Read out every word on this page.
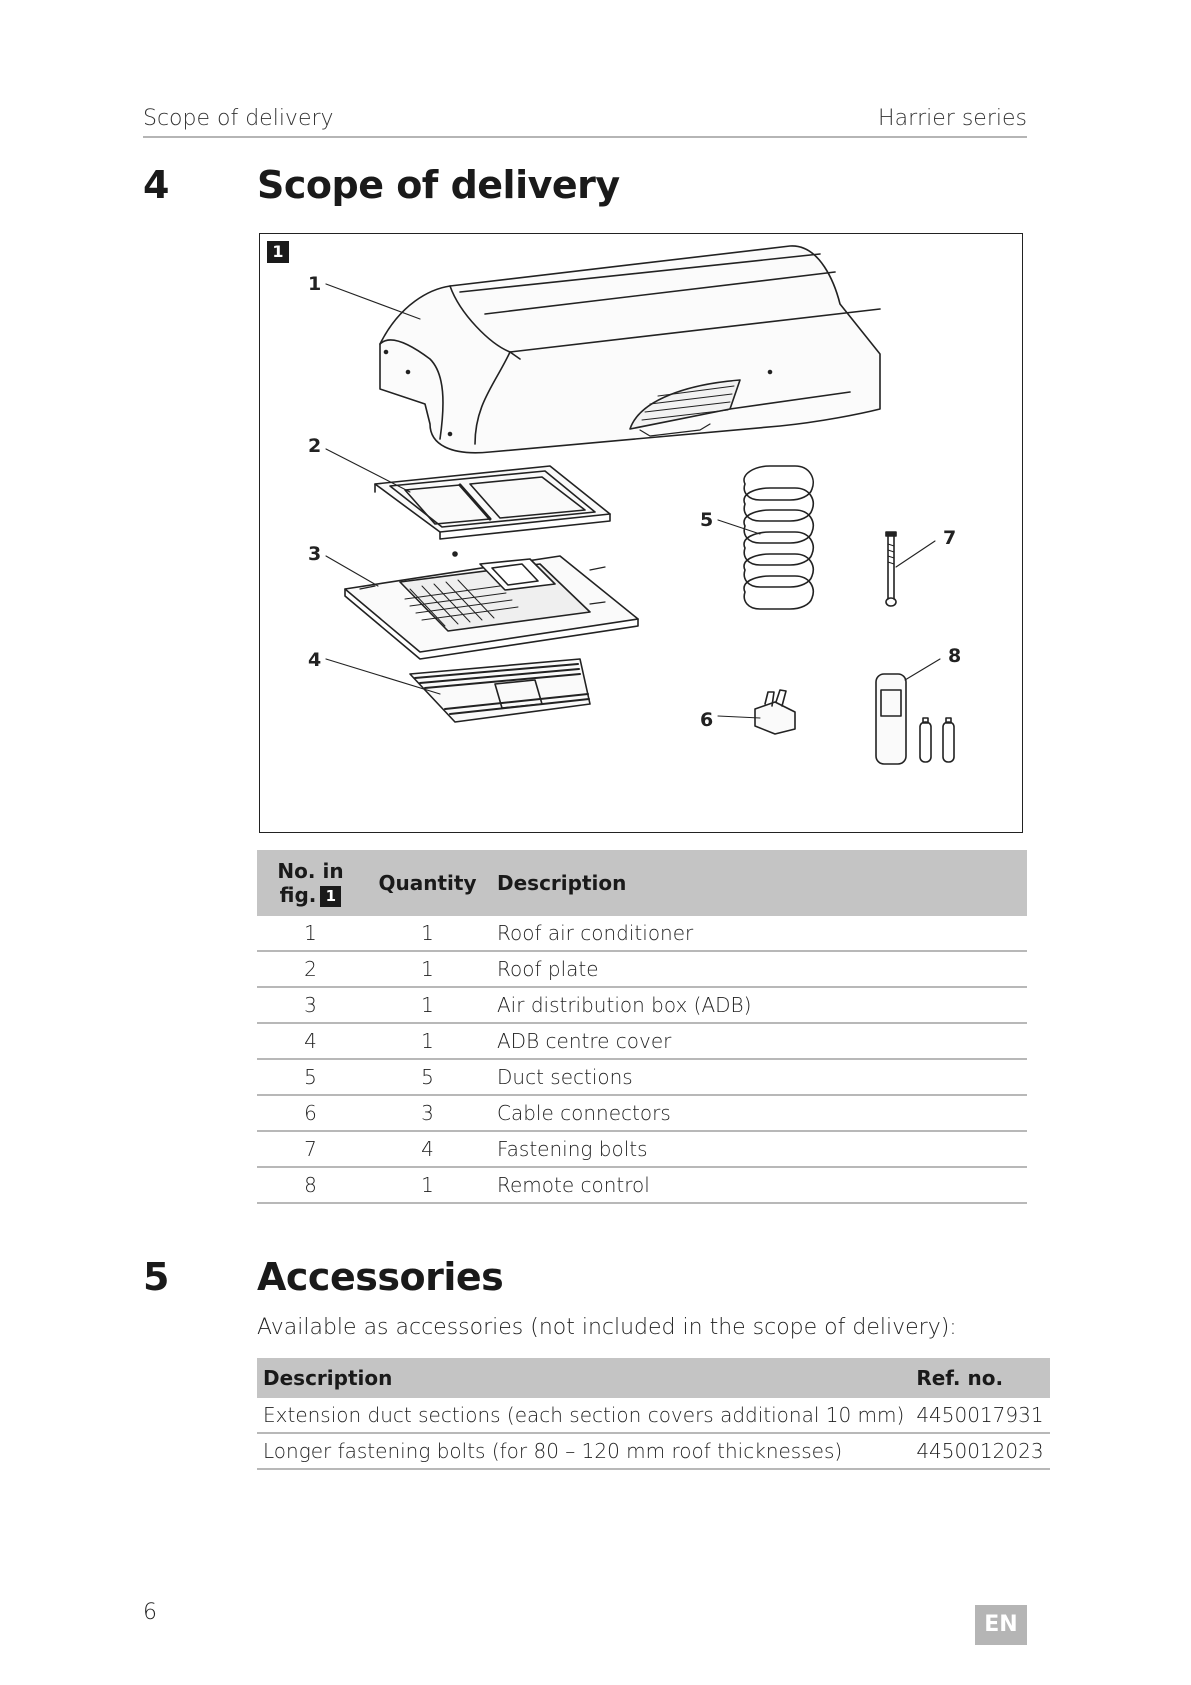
Scope of delivery	Harrier series
4 Scope of delivery
1
1
2
3
4
5
6
7
8
No. in
fig. 1	Quantity	Description
1	1	Roof air conditioner
2	1	Roof plate
3	1	Air distribution box (ADB)
4	1	ADB centre cover
5	5	Duct sections
6	3	Cable connectors
7	4	Fastening bolts
8	1	Remote control
5 Accessories
Available as accessories (not included in the scope of delivery):
Description	Ref. no.
Extension duct sections (each section covers additional 10 mm)	4450017931
Longer fastening bolts (for 80 – 120 mm roof thicknesses)	4450012023
6	EN
